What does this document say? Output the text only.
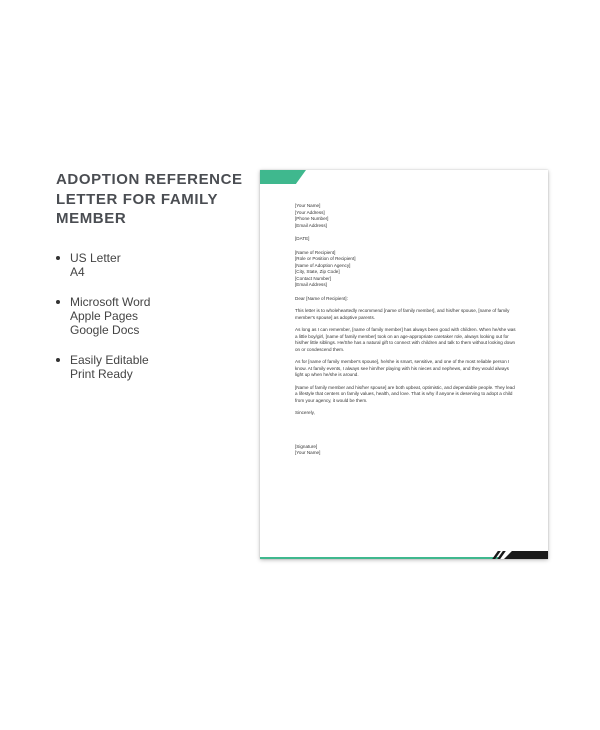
ADOPTION REFERENCE
LETTER FOR FAMILY
MEMBER
US Letter
A4
Microsoft Word
Apple Pages
Google Docs
Easily Editable
Print Ready
[Your Name]
[Your Address]
[Phone Number]
[Email Address]
[DATE]
[Name of Recipient]
[Role or Position of Recipient]
[Name of Adoption Agency]
[City, State, Zip Code]
[Contact Number]
[Email Address]

Dear [Name of Recipient]:

This letter is to wholeheartedly recommend [name of family member], and his/her spouse, [name of family member's spouse] as adoptive parents.

As long as I can remember, [name of family member] has always been good with children. When he/she was a little boy/girl, [name of family member] took on an age-appropriate caretaker role, always looking out for his/her little siblings. He/She has a natural gift to connect with children and talk to them without looking down on or condescend them.

As for [name of family member's spouse], he/she is smart, sensitive, and one of the most reliable person I know. At family events, I always see him/her playing with his nieces and nephews, and they would always light up when he/she is around.

[Name of family member and his/her spouse] are both upbeat, optimistic, and dependable people. They lead a lifestyle that centers on family values, health, and love. That is why if anyone is deserving to adopt a child from your agency, it would be them.

Sincerely,

[Signature]
[Your Name]
